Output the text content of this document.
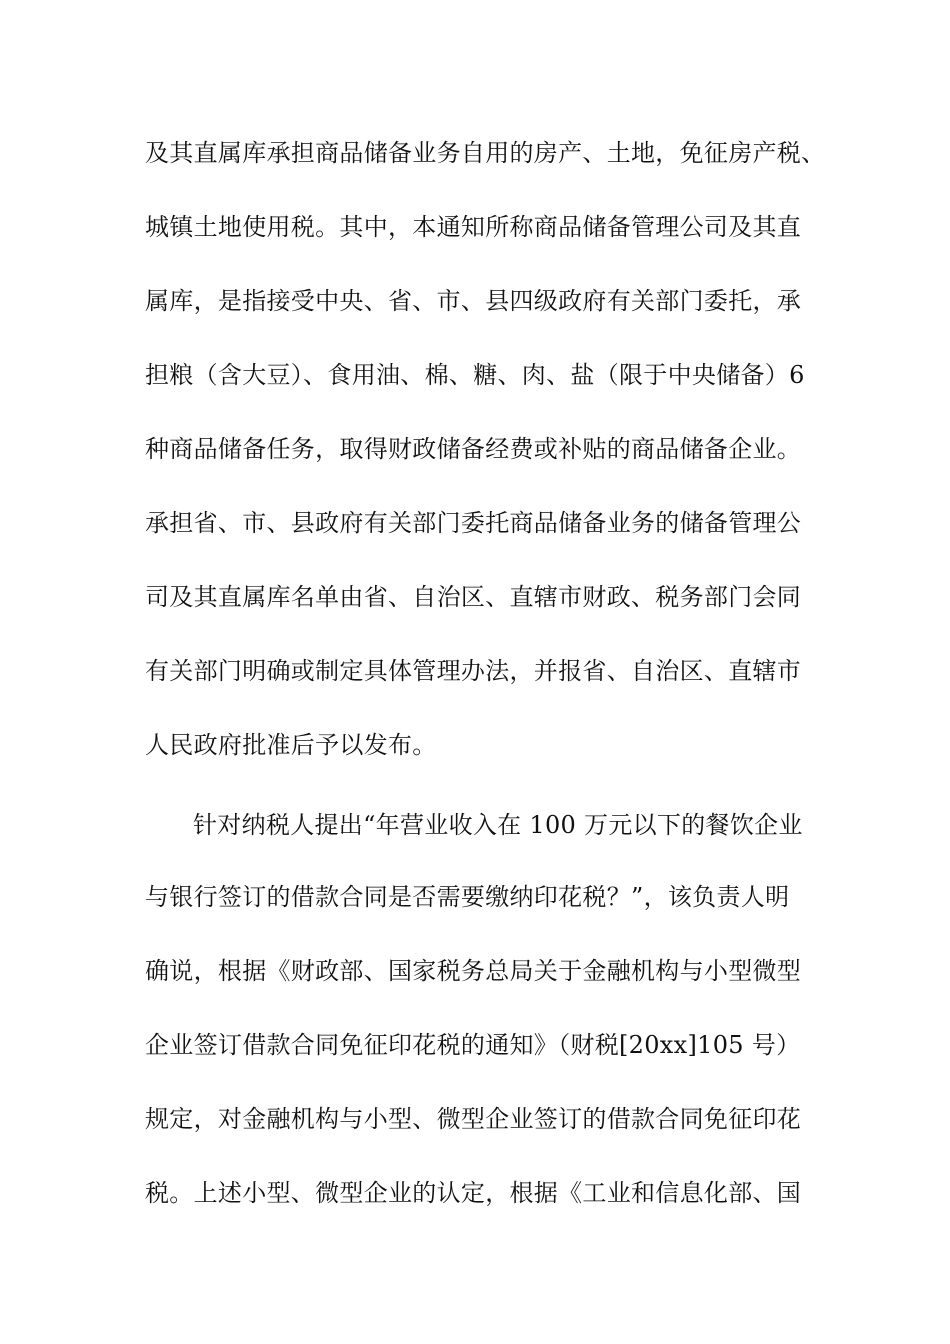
及其直属库承担商品储备业务自用的房产、土地，免征房产税、
城镇土地使用税。其中，本通知所称商品储备管理公司及其直
属库，是指接受中央、省、市、县四级政府有关部门委托，承
担粮（含大豆）、食用油、棉、糖、肉、盐（限于中央储备）6
种商品储备任务，取得财政储备经费或补贴的商品储备企业。
承担省、市、县政府有关部门委托商品储备业务的储备管理公
司及其直属库名单由省、自治区、直辖市财政、税务部门会同
有关部门明确或制定具体管理办法，并报省、自治区、直辖市
人民政府批准后予以发布。
针对纳税人提出“年营业收入在 100 万元以下的餐饮企业
与银行签订的借款合同是否需要缴纳印花税？”，该负责人明
确说，根据《财政部、国家税务总局关于金融机构与小型微型
企业签订借款合同免征印花税的通知》（财税[20xx]105 号）
规定，对金融机构与小型、微型企业签订的借款合同免征印花
税。上述小型、微型企业的认定，根据《工业和信息化部、国
